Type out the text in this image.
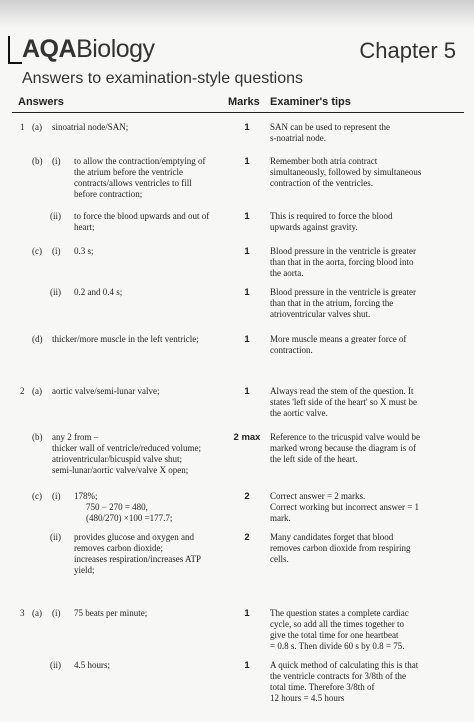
AQABiology	Chapter 5
Answers to examination-style questions
Answers	Marks Examiner's tips
1 (a) sinoatrial node/SAN;	1	SAN can be used to represent the
s-noatrial node.
(b) (i) to allow the contraction/emptying of
the atrium before the ventricle
contracts/allows ventricles to fill
before contraction;
1	Remember both atria contract
simultaneously, followed by simultaneous
contraction of the ventricles.
(ii) to force the blood upwards and out of
heart;
1	This is required to force the blood
upwards against gravity.
(c) (i) 0.3 s;	1	Blood pressure in the ventricle is greater
than that in the aorta, forcing blood into
the aorta.
(ii) 0.2 and 0.4 s;	1	Blood pressure in the ventricle is greater
than that in the atrium, forcing the
atrioventricular valves shut.
(d) thicker/more muscle in the left ventricle;	1	More muscle means a greater force of
contraction.
2 (a) aortic valve/semi-lunar valve;	1	Always read the stem of the question. It
states 'left side of the heart' so X must be
the aortic valve.
(b) any 2 from –
thicker wall of ventricle/reduced volume;
atrioventricular/bicuspid valve shut;
semi-lunar/aortic valve/valve X open;
2 max	Reference to the tricuspid valve would be
marked wrong because the diagram is of
the left side of the heart.
(c) (i) 178%;
750 − 270 = 480,
(480/270) ×100 =177.7;
2	Correct answer = 2 marks.
Correct working but incorrect answer = 1
mark.
(ii) provides glucose and oxygen and
removes carbon dioxide;
increases respiration/increases ATP
yield;
2	Many candidates forget that blood
removes carbon dioxide from respiring
cells.
3 (a) (i) 75 beats per minute;	1	The question states a complete cardiac
cycle, so add all the times together to
give the total time for one heartbeat
= 0.8 s. Then divide 60 s by 0.8 = 75.
(ii) 4.5 hours;	1	A quick method of calculating this is that
the ventricle contracts for 3/8th of the
total time. Therefore 3/8th of
12 hours = 4.5 hours
